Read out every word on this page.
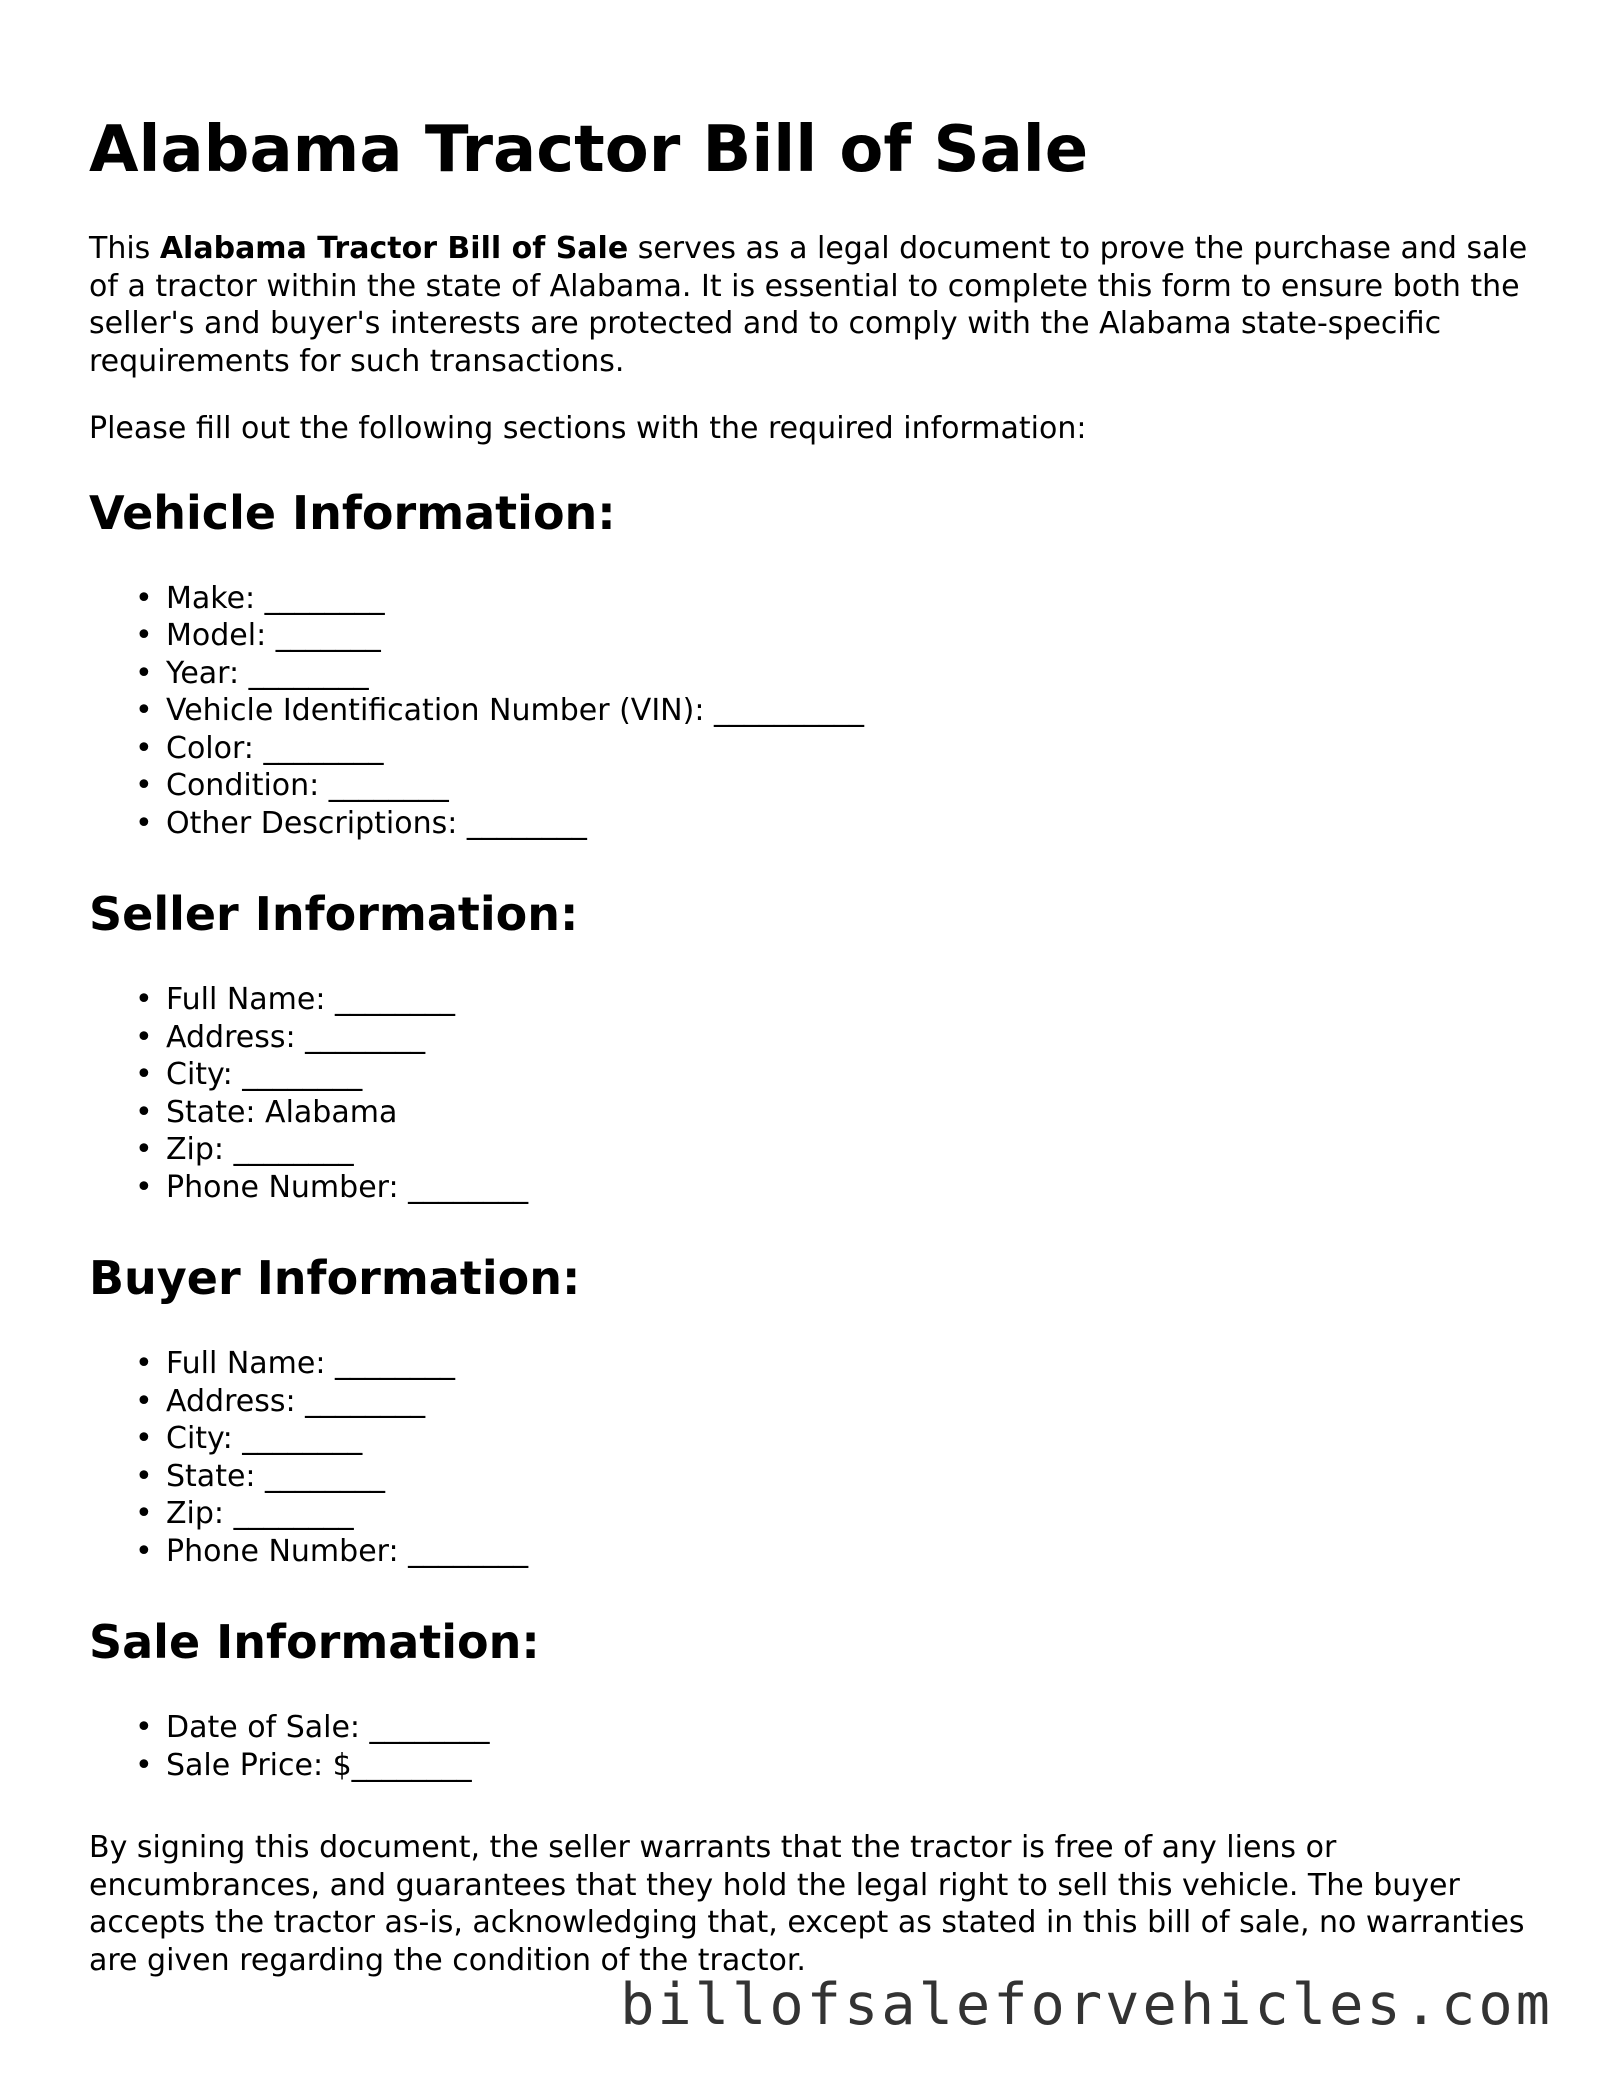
Alabama Tractor Bill of Sale

This Alabama Tractor Bill of Sale serves as a legal document to prove the purchase and sale of a tractor within the state of Alabama. It is essential to complete this form to ensure both the seller's and buyer's interests are protected and to comply with the Alabama state-specific requirements for such transactions.

Please fill out the following sections with the required information:

Vehicle Information:
• Make: ________
• Model: _______
• Year: ________
• Vehicle Identification Number (VIN): __________
• Color: ________
• Condition: ________
• Other Descriptions: ________
Seller Information:
• Full Name: ________
• Address: ________
• City: ________
• State: Alabama
• Zip: ________
• Phone Number: ________
Buyer Information:
• Full Name: ________
• Address: ________
• City: ________
• State: ________
• Zip: ________
• Phone Number: ________
Sale Information:
• Date of Sale: ________
• Sale Price: $________

By signing this document, the seller warrants that the tractor is free of any liens or encumbrances, and guarantees that they hold the legal right to sell this vehicle. The buyer accepts the tractor as-is, acknowledging that, except as stated in this bill of sale, no warranties are given regarding the condition of the tractor.

billofsaleforvehicles.com
